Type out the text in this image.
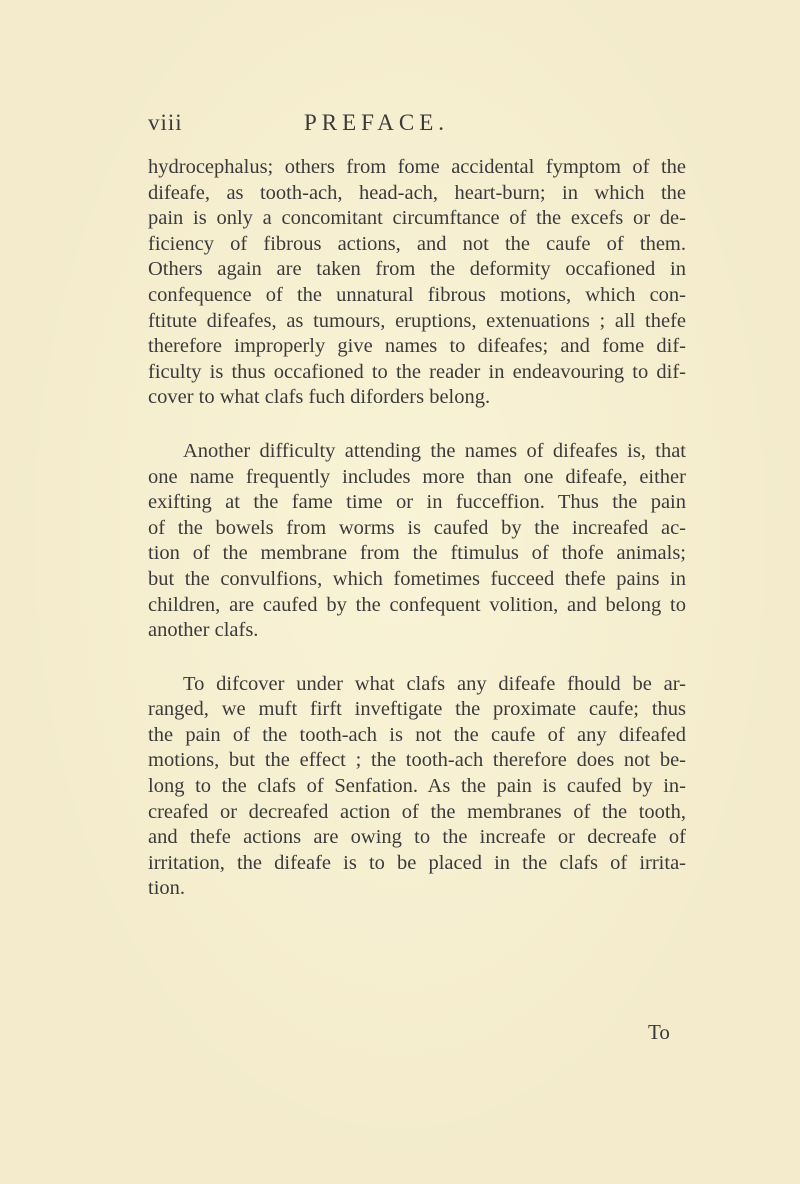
viii	PREFACE.

hydrocephalus; others from fome accidental fymptom of the
difeafe, as tooth-ach, head-ach, heart-burn; in which the
pain is only a concomitant circumftance of the excefs or de-
ficiency of fibrous actions, and not the caufe of them.
Others again are taken from the deformity occafioned in
confequence of the unnatural fibrous motions, which con-
ftitute difeafes, as tumours, eruptions, extenuations ; all thefe
therefore improperly give names to difeafes; and fome dif-
ficulty is thus occafioned to the reader in endeavouring to dif-
cover to what clafs fuch diforders belong.

Another difficulty attending the names of difeafes is, that
one name frequently includes more than one difeafe, either
exifting at the fame time or in fucceffion. Thus the pain
of the bowels from worms is caufed by the increafed ac-
tion of the membrane from the ftimulus of thofe animals;
but the convulfions, which fometimes fucceed thefe pains in
children, are caufed by the confequent volition, and belong to
another clafs.

To difcover under what clafs any difeafe fhould be ar-
ranged, we muft firft inveftigate the proximate caufe; thus
the pain of the tooth-ach is not the caufe of any difeafed
motions, but the effect ; the tooth-ach therefore does not be-
long to the clafs of Senfation. As the pain is caufed by in-
creafed or decreafed action of the membranes of the tooth,
and thefe actions are owing to the increafe or decreafe of
irritation, the difeafe is to be placed in the clafs of irrita-
tion.

To
